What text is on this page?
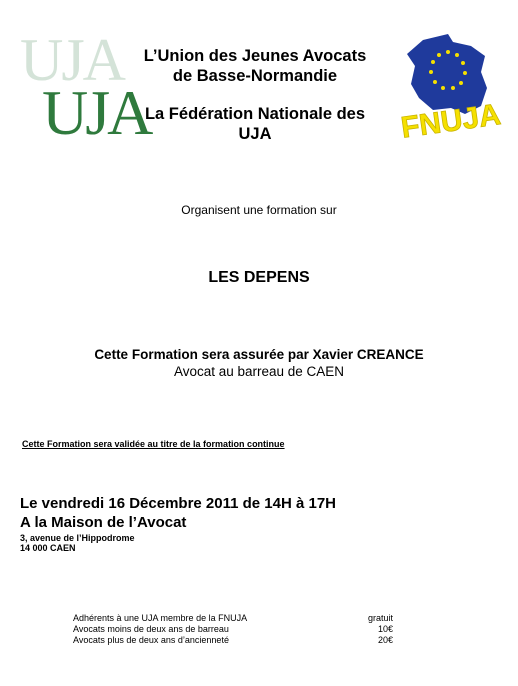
UJA
UJA
L’Union des Jeunes Avocats
de Basse-Normandie
La Fédération Nationale des
UJA	FNUJA
Organisent une formation sur
LES DEPENS
Cette Formation sera assurée par Xavier CREANCE
Avocat au barreau de CAEN
Cette Formation sera validée au titre de la formation continue
Le vendredi 16 Décembre 2011 de 14H à 17H
A la Maison de l’Avocat
3, avenue de l’Hippodrome
14 000 CAEN
Adhérents à une UJA membre de la FNUJA	gratuit
Avocats moins de deux ans de barreau	10€
Avocats plus de deux ans d’ancienneté	20€
